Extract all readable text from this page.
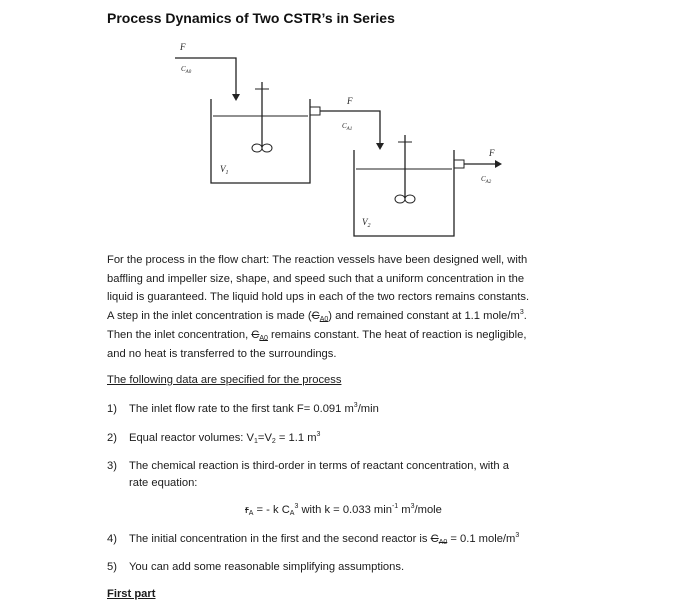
Process Dynamics of Two CSTR’s in Series
F
$C_{A0}$
$V_1$
F
$C_{A1}$
$V_2$
F
$C_{A2}$
For the process in the flow chart: The reaction vessels have been designed well, with
baffling and impeller size, shape, and speed such that a uniform concentration in the
liquid is guaranteed. The liquid hold ups in each of the two rectors remains constants.
A step in the inlet concentration is made $(C_{A0})$ and remained constant at 1.1 mole/$m^3$.
Then the inlet concentration, $C_{A0}$ remains constant. The heat of reaction is negligible,
and no heat is transferred to the surroundings.
The following data are specified for the process
1) The inlet flow rate to the first tank F= 0.091 $m^3/\min$
2) Equal reactor volumes: $V_1=V_2 = 1.1$ $m^3$
3) The chemical reaction is third-order in terms of reactant concentration, with a
rate equation:
$r_A$ = - k $C_A^3$ with k = 0.033 $\min^{-1}$ $m^3$/mole
4) The initial concentration in the first and the second reactor is $C_{A0} = 0.1$ mole/$m^3$
5) You can add some reasonable simplifying assumptions.
First part
